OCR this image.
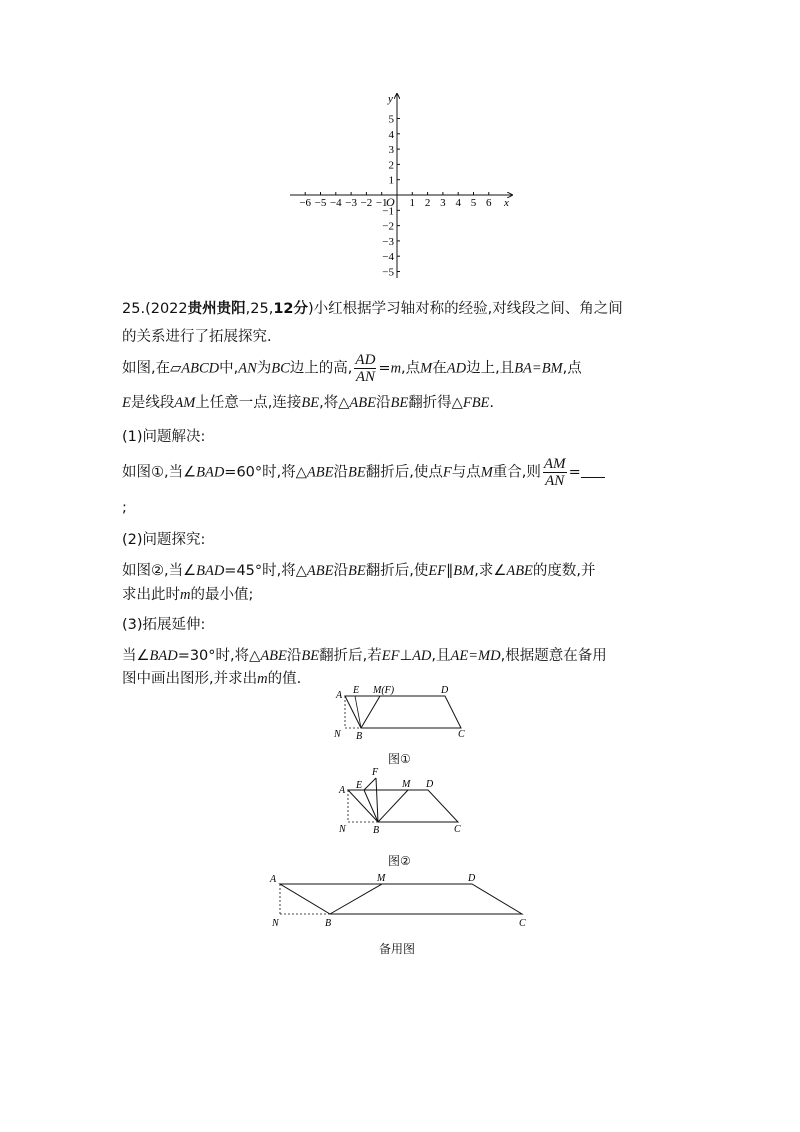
−6 −5 −4 −3 −2 −1 1 2 3 4 5 6
5
4
3
2
1
−1
−2
−3
−4
−5
x
y
O
25.(2022贵州贵阳,25,12分)小红根据学习轴对称的经验,对线段之间、角之间
的关系进行了拓展探究.
如图,在▱ABCD中,AN为BC边上的高, $\frac{AD}{AN} =m$,点M在AD边上,且BA=BM,点
E是线段AM上任意一点,连接BE,将△ABE沿BE翻折得△FBE.
(1)问题解决:
如图①,当∠BAD=60°时,将△ABE沿BE翻折后,使点F与点M重合,则 $\frac{AM}{AN}$ =
;
(2)问题探究:
如图②,当∠BAD=45°时,将△ABE沿BE翻折后,使EF∥BM,求∠ABE的度数,并
求出此时m的最小值;
(3)拓展延伸:
当∠BAD=30°时,将△ABE沿BE翻折后,若EF⊥AD,且AE=MD,根据题意在备用
图中画出图形,并求出m的值.
A E M(F)	D
N B	C
图①
A E
F
M D
N	B	C
图②
A	M	D
N	B	C
备用图
